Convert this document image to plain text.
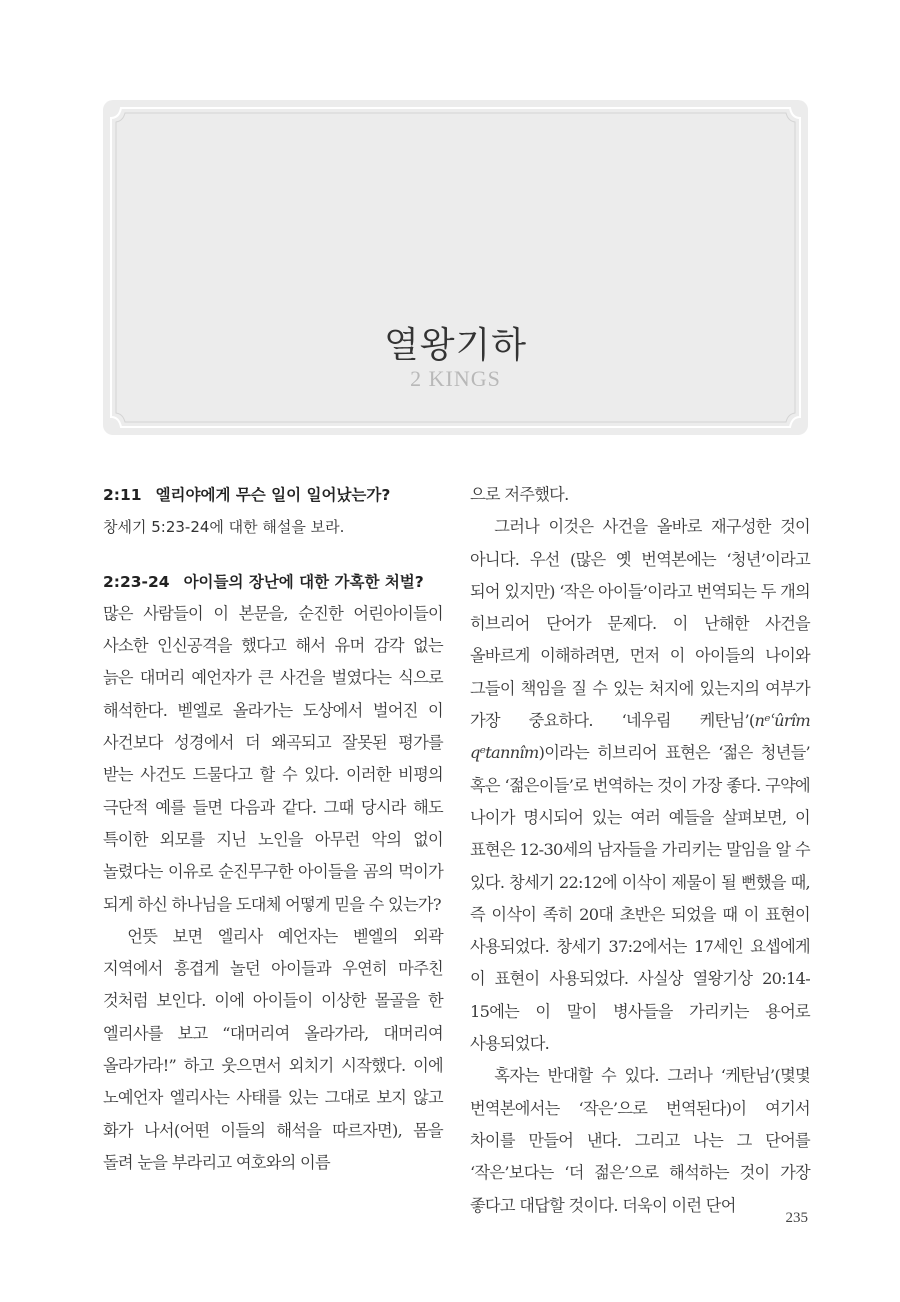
열왕기하
2 KINGS
2:11 엘리야에게 무슨 일이 일어났는가?
창세기 5:23-24에 대한 해설을 보라.
2:23-24 아이들의 장난에 대한 가혹한 처벌?
많은 사람들이 이 본문을, 순진한 어린아이들이 사소한 인신공격을 했다고 해서 유머 감각 없는 늙은 대머리 예언자가 큰 사건을 벌였다는 식으로 해석한다. 벧엘로 올라가는 도상에서 벌어진 이 사건보다 성경에서 더 왜곡되고 잘못된 평가를 받는 사건도 드물다고 할 수 있다. 이러한 비평의 극단적 예를 들면 다음과 같다. 그때 당시라 해도 특이한 외모를 지닌 노인을 아무런 악의 없이 놀렸다는 이유로 순진무구한 아이들을 곰의 먹이가 되게 하신 하나님을 도대체 어떻게 믿을 수 있는가?
언뜻 보면 엘리사 예언자는 벧엘의 외곽 지역에서 흥겹게 놀던 아이들과 우연히 마주친 것처럼 보인다. 이에 아이들이 이상한 몰골을 한 엘리사를 보고 “대머리여 올라가라, 대머리여 올라가라!” 하고 웃으면서 외치기 시작했다. 이에 노예언자 엘리사는 사태를 있는 그대로 보지 않고 화가 나서(어떤 이들의 해석을 따르자면), 몸을 돌려 눈을 부라리고 여호와의 이름
으로 저주했다.
그러나 이것은 사건을 올바로 재구성한 것이 아니다. 우선 (많은 옛 번역본에는 ‘청년’이라고 되어 있지만) ‘작은 아이들’이라고 번역되는 두 개의 히브리어 단어가 문제다. 이 난해한 사건을 올바르게 이해하려면, 먼저 이 아이들의 나이와 그들이 책임을 질 수 있는 처지에 있는지의 여부가 가장 중요하다. ‘네우림 케탄님’(nᵉʿûrîm qᵉtannîm)이라는 히브리어 표현은 ‘젊은 청년들’ 혹은 ‘젊은이들’로 번역하는 것이 가장 좋다. 구약에 나이가 명시되어 있는 여러 예들을 살펴보면, 이 표현은 12-30세의 남자들을 가리키는 말임을 알 수 있다. 창세기 22:12에 이삭이 제물이 될 뻔했을 때, 즉 이삭이 족히 20대 초반은 되었을 때 이 표현이 사용되었다. 창세기 37:2에서는 17세인 요셉에게 이 표현이 사용되었다. 사실상 열왕기상 20:14-15에는 이 말이 병사들을 가리키는 용어로 사용되었다.
혹자는 반대할 수 있다. 그러나 ‘케탄님’(몇몇 번역본에서는 ‘작은’으로 번역된다)이 여기서 차이를 만들어 낸다. 그리고 나는 그 단어를 ‘작은’보다는 ‘더 젊은’으로 해석하는 것이 가장 좋다고 대답할 것이다. 더욱이 이런 단어
235
